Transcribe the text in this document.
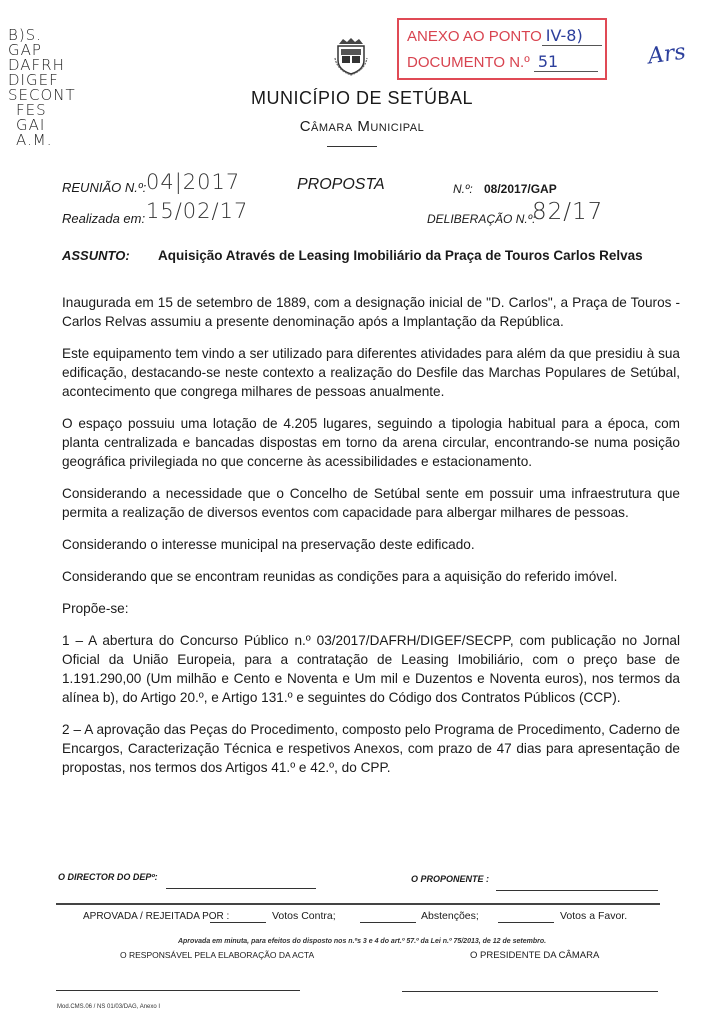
B)S.
GAP
DAFRH
DIGEF
SECONT
FES
GAI
A.M.
ANEXO AO PONTO IV-8)
DOCUMENTO N.º 51	Ars
MUNICÍPIO DE SETÚBAL
Câmara Municipal
REUNIÃO N.º: 04|2017	PROPOSTA	N.º: 08/2017/GAP
Realizada em: 15/02/17	DELIBERAÇÃO N.º:
82/17
ASSUNTO: Aquisição Através de Leasing Imobiliário da Praça de Touros Carlos Relvas

Inaugurada em 15 de setembro de 1889, com a designação inicial de "D. Carlos", a Praça de Touros - Carlos Relvas assumiu a presente denominação após a Implantação da República.

Este equipamento tem vindo a ser utilizado para diferentes atividades para além da que presidiu à sua edificação, destacando-se neste contexto a realização do Desfile das Marchas Populares de Setúbal, acontecimento que congrega milhares de pessoas anualmente.

O espaço possuiu uma lotação de 4.205 lugares, seguindo a tipologia habitual para a época, com planta centralizada e bancadas dispostas em torno da arena circular, encontrando-se numa posição geográfica privilegiada no que concerne às acessibilidades e estacionamento.

Considerando a necessidade que o Concelho de Setúbal sente em possuir uma infraestrutura que permita a realização de diversos eventos com capacidade para albergar milhares de pessoas.

Considerando o interesse municipal na preservação deste edificado.

Considerando que se encontram reunidas as condições para a aquisição do referido imóvel.

Propõe-se:

1 – A abertura do Concurso Público n.º 03/2017/DAFRH/DIGEF/SECPP, com publicação no Jornal Oficial da União Europeia, para a contratação de Leasing Imobiliário, com o preço base de 1.191.290,00 (Um milhão e Cento e Noventa e Um mil e Duzentos e Noventa euros), nos termos da alínea b), do Artigo 20.º, e Artigo 131.º e seguintes do Código dos Contratos Públicos (CCP).

2 – A aprovação das Peças do Procedimento, composto pelo Programa de Procedimento, Caderno de Encargos, Caracterização Técnica e respetivos Anexos, com prazo de 47 dias para apresentação de propostas, nos termos dos Artigos 41.º e 42.º, do CPP.

O DIRECTOR DO DEPº:	O PROPONENTE :
APROVADA / REJEITADA POR :	Votos Contra;	Abstenções;	Votos a Favor.
Aprovada em minuta, para efeitos do disposto nos n.ºs 3 e 4 do art.º 57.º da Lei n.º 75/2013, de 12 de setembro.
O RESPONSÁVEL PELA ELABORAÇÃO DA ACTA	O PRESIDENTE DA CÂMARA
Mod.CMS.06 / NS 01/03/DAG, Anexo I
